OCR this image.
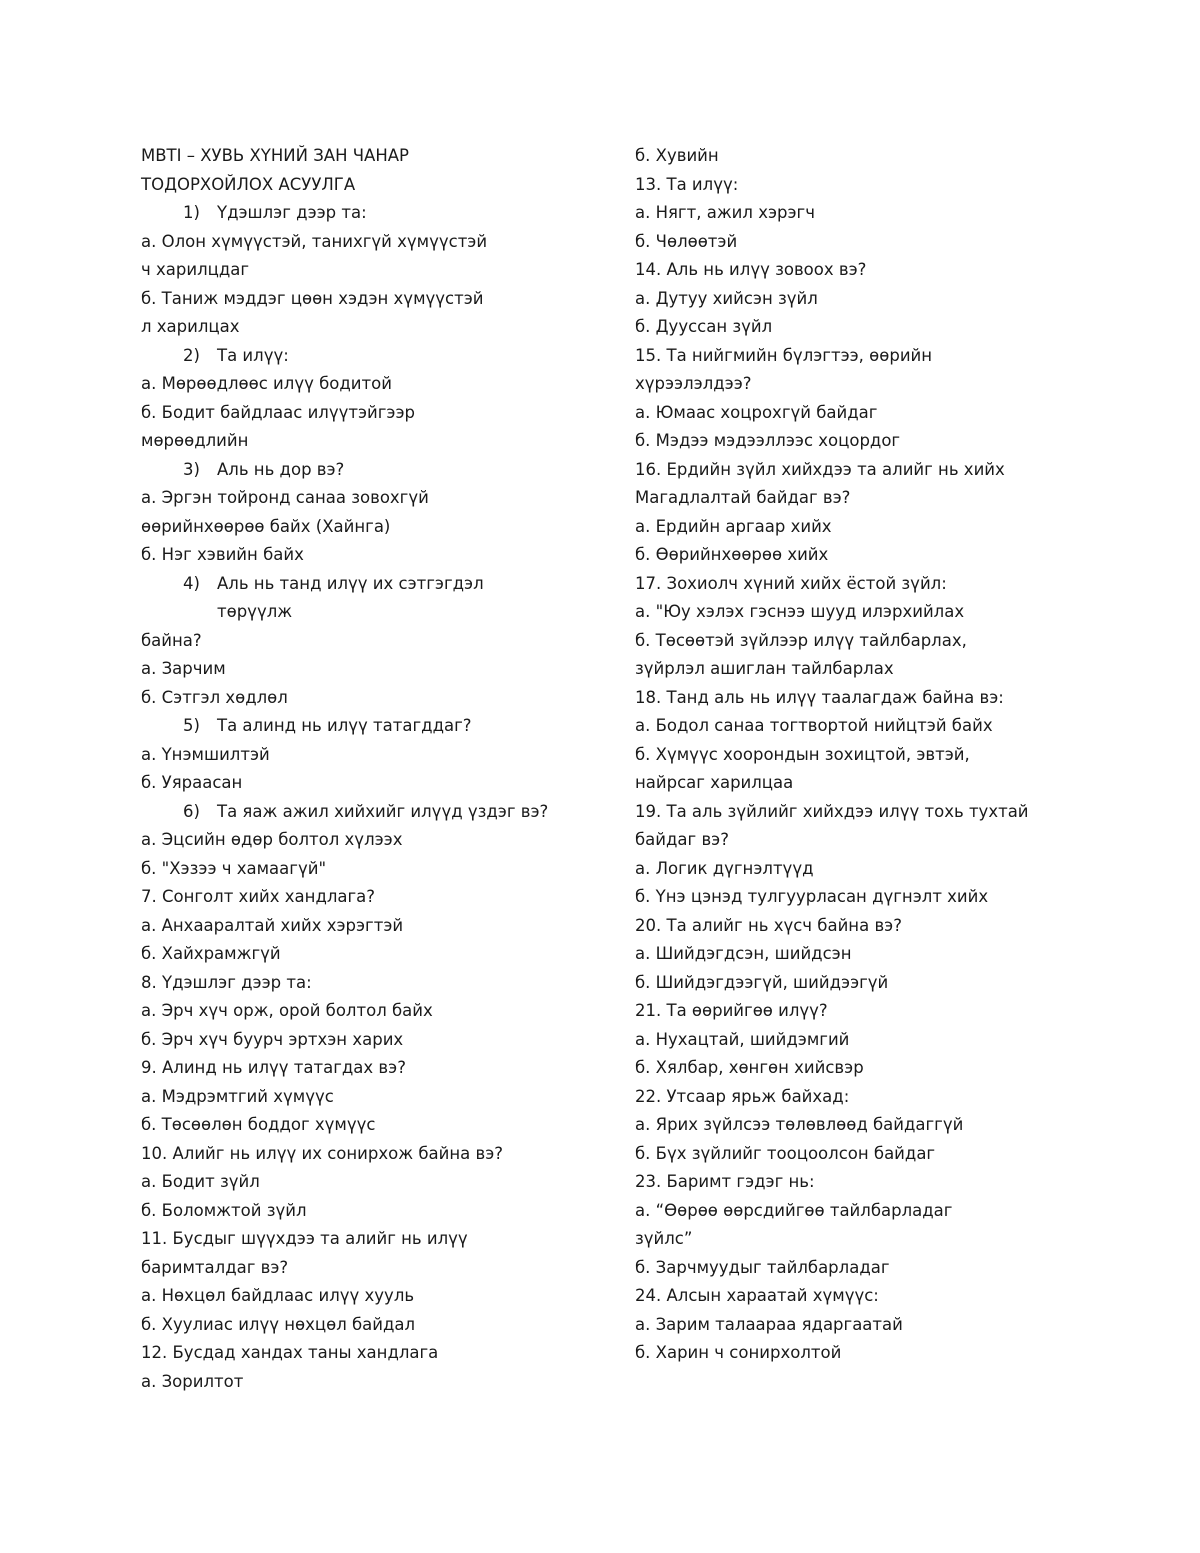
MBTI – ХУВЬ ХҮНИЙ ЗАН ЧАНАР
ТОДОРХОЙЛОХ АСУУЛГА
1) Үдэшлэг дээр та:
а. Олон хүмүүстэй, танихгүй хүмүүстэй
ч харилцдаг
б. Таниж мэддэг цөөн хэдэн хүмүүстэй
л харилцах
2) Та илүү:
а. Мөрөөдлөөс илүү бодитой
б. Бодит байдлаас илүүтэйгээр
мөрөөдлийн
3) Аль нь дор вэ?
а. Эргэн тойронд санаа зовохгүй
өөрийнхөөрөө байх (Хайнга)
б. Нэг хэвийн байх
4) Аль нь танд илүү их сэтгэгдэл
төрүүлж
байна?
а. Зарчим
б. Сэтгэл хөдлөл
5) Та алинд нь илүү татагддаг?
а. Үнэмшилтэй
б. Уяраасан
6) Та яаж ажил хийхийг илүүд үздэг вэ?
а. Эцсийн өдөр болтол хүлээх
б. "Хэзээ ч хамаагүй"
7. Сонголт хийх хандлага?
а. Анхааралтай хийх хэрэгтэй
б. Хайхрамжгүй
8. Үдэшлэг дээр та:
а. Эрч хүч орж, орой болтол байх
б. Эрч хүч буурч эртхэн харих
9. Алинд нь илүү татагдах вэ?
а. Мэдрэмтгий хүмүүс
б. Төсөөлөн боддог хүмүүс
10. Алийг нь илүү их сонирхож байна вэ?
а. Бодит зүйл
б. Боломжтой зүйл
11. Бусдыг шүүхдээ та алийг нь илүү
баримталдаг вэ?
а. Нөхцөл байдлаас илүү хууль
б. Хуулиас илүү нөхцөл байдал
12. Бусдад хандах таны хандлага
а. Зорилтот
б. Хувийн
13. Та илүү:
а. Нягт, ажил хэрэгч
б. Чөлөөтэй
14. Аль нь илүү зовоох вэ?
а. Дутуу хийсэн зүйл
б. Дууссан зүйл
15. Та нийгмийн бүлэгтээ, өөрийн
хүрээлэлдээ?
а. Юмаас хоцрохгүй байдаг
б. Мэдээ мэдээллээс хоцордог
16. Ердийн зүйл хийхдээ та алийг нь хийх
Магадлалтай байдаг вэ?
а. Ердийн аргаар хийх
б. Өөрийнхөөрөө хийх
17. Зохиолч хүний хийх ёстой зүйл:
а. "Юу хэлэх гэснээ шууд илэрхийлах
б. Төсөөтэй зүйлээр илүү тайлбарлах,
зүйрлэл ашиглан тайлбарлах
18. Танд аль нь илүү таалагдаж байна вэ:
а. Бодол санаа тогтвортой нийцтэй байх
б. Хүмүүс хоорондын зохицтой, эвтэй,
найрсаг харилцаа
19. Та аль зүйлийг хийхдээ илүү тохь тухтай
байдаг вэ?
а. Логик дүгнэлтүүд
б. Үнэ цэнэд тулгуурласан дүгнэлт хийх
20. Та алийг нь хүсч байна вэ?
а. Шийдэгдсэн, шийдсэн
б. Шийдэгдээгүй, шийдээгүй
21. Та өөрийгөө илүү?
а. Нухацтай, шийдэмгий
б. Хялбар, хөнгөн хийсвэр
22. Утсаар ярьж байхад:
а. Ярих зүйлсээ төлөвлөөд байдаггүй
б. Бүх зүйлийг тооцоолсон байдаг
23. Баримт гэдэг нь:
а. “Өөрөө өөрсдийгөө тайлбарладаг
зүйлс”
б. Зарчмуудыг тайлбарладаг
24. Алсын хараатай хүмүүс:
а. Зарим талаараа ядаргаатай
б. Харин ч сонирхолтой
